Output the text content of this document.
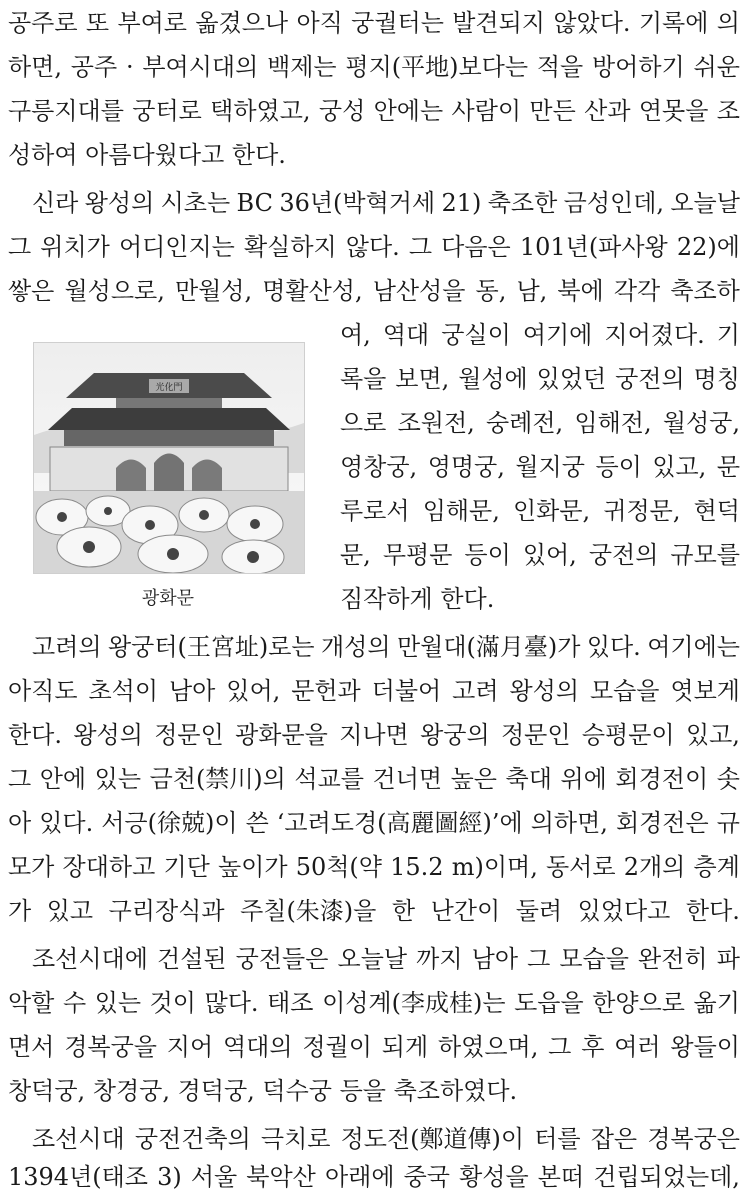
공주로 또 부여로 옮겼으나 아직 궁궐터는 발견되지 않았다. 기록에 의
하면, 공주 · 부여시대의 백제는 평지(平地)보다는 적을 방어하기 쉬운
구릉지대를 궁터로 택하였고, 궁성 안에는 사람이 만든 산과 연못을 조
성하여 아름다웠다고 한다.
신라 왕성의 시초는 BC 36년(박혁거세 21) 축조한 금성인데, 오늘날
그 위치가 어디인지는 확실하지 않다. 그 다음은 101년(파사왕 22)에
쌓은 월성으로, 만월성, 명활산성, 남산성을 동, 남, 북에 각각 축조하
光化門
광화문
여, 역대 궁실이 여기에 지어졌다. 기
록을 보면, 월성에 있었던 궁전의 명칭
으로 조원전, 숭례전, 임해전, 월성궁,
영창궁, 영명궁, 월지궁 등이 있고, 문
루로서 임해문, 인화문, 귀정문, 현덕
문, 무평문 등이 있어, 궁전의 규모를
짐작하게 한다.
고려의 왕궁터(王宮址)로는 개성의 만월대(滿月臺)가 있다. 여기에는
아직도 초석이 남아 있어, 문헌과 더불어 고려 왕성의 모습을 엿보게
한다. 왕성의 정문인 광화문을 지나면 왕궁의 정문인 승평문이 있고,
그 안에 있는 금천(禁川)의 석교를 건너면 높은 축대 위에 회경전이 솟
아 있다. 서긍(徐兢)이 쓴 ‘고려도경(高麗圖經)’에 의하면, 회경전은 규
모가 장대하고 기단 높이가 50척(약 15.2 m)이며, 동서로 2개의 층계
가 있고 구리장식과 주칠(朱漆)을 한 난간이 둘려 있었다고 한다.
조선시대에 건설된 궁전들은 오늘날 까지 남아 그 모습을 완전히 파
악할 수 있는 것이 많다. 태조 이성계(李成桂)는 도읍을 한양으로 옮기
면서 경복궁을 지어 역대의 정궐이 되게 하였으며, 그 후 여러 왕들이
창덕궁, 창경궁, 경덕궁, 덕수궁 등을 축조하였다.
조선시대 궁전건축의 극치로 정도전(鄭道傳)이 터를 잡은 경복궁은
1394년(태조 3) 서울 북악산 아래에 중국 황성을 본떠 건립되었는데,
